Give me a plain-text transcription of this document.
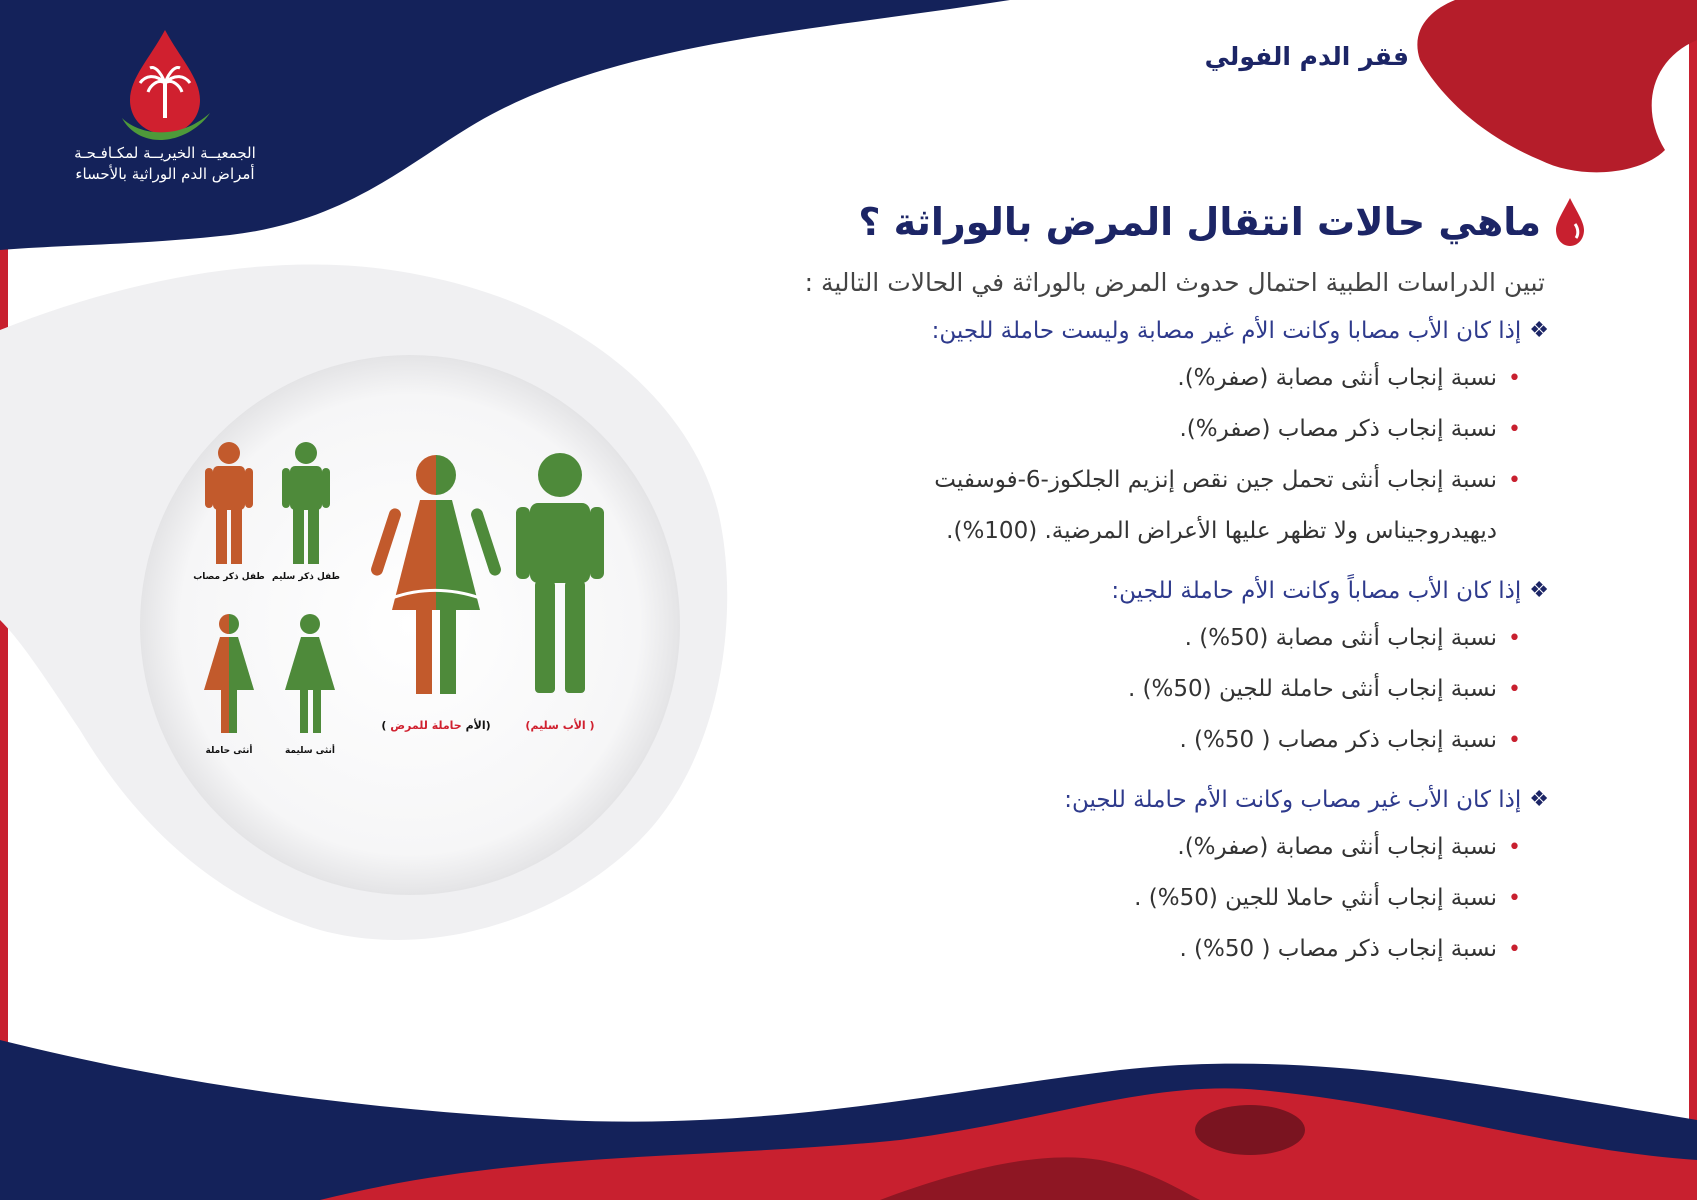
الجمعيــة الخيريــة لمكـافـحـة
أمراض الدم الوراثية بالأحساء
فقر الدم الفولي
ماهي حالات انتقال المرض بالوراثة ؟
تبين الدراسات الطبية احتمال حدوث المرض بالوراثة في الحالات التالية :
❖
إذا كان الأب مصابا وكانت الأم غير مصابة وليست حاملة للجين:
•
نسبة إنجاب أنثى مصابة (صفر%).
•
نسبة إنجاب ذكر مصاب (صفر%).
•
نسبة إنجاب أنثى تحمل جين نقص إنزيم الجلكوز-6-فوسفيت
ديهيدروجيناس ولا تظهر عليها الأعراض المرضية. (100%).
❖
إذا كان الأب مصاباً وكانت الأم حاملة للجين:
•
نسبة إنجاب أنثى مصابة (50%) .
•
نسبة إنجاب أنثى حاملة للجين (50%) .
•
نسبة إنجاب ذكر مصاب ( 50%) .
❖
إذا كان الأب غير مصاب وكانت الأم حاملة للجين:
•
نسبة إنجاب أنثى مصابة (صفر%).
•
نسبة إنجاب أنثي حاملا للجين (50%) .
•
نسبة إنجاب ذكر مصاب ( 50%) .
(الأب سليم )
( الأم حاملة للمرض )
طفل ذكر مصاب طفل ذكر سليم
أنثى حاملة	أنثى سليمة
